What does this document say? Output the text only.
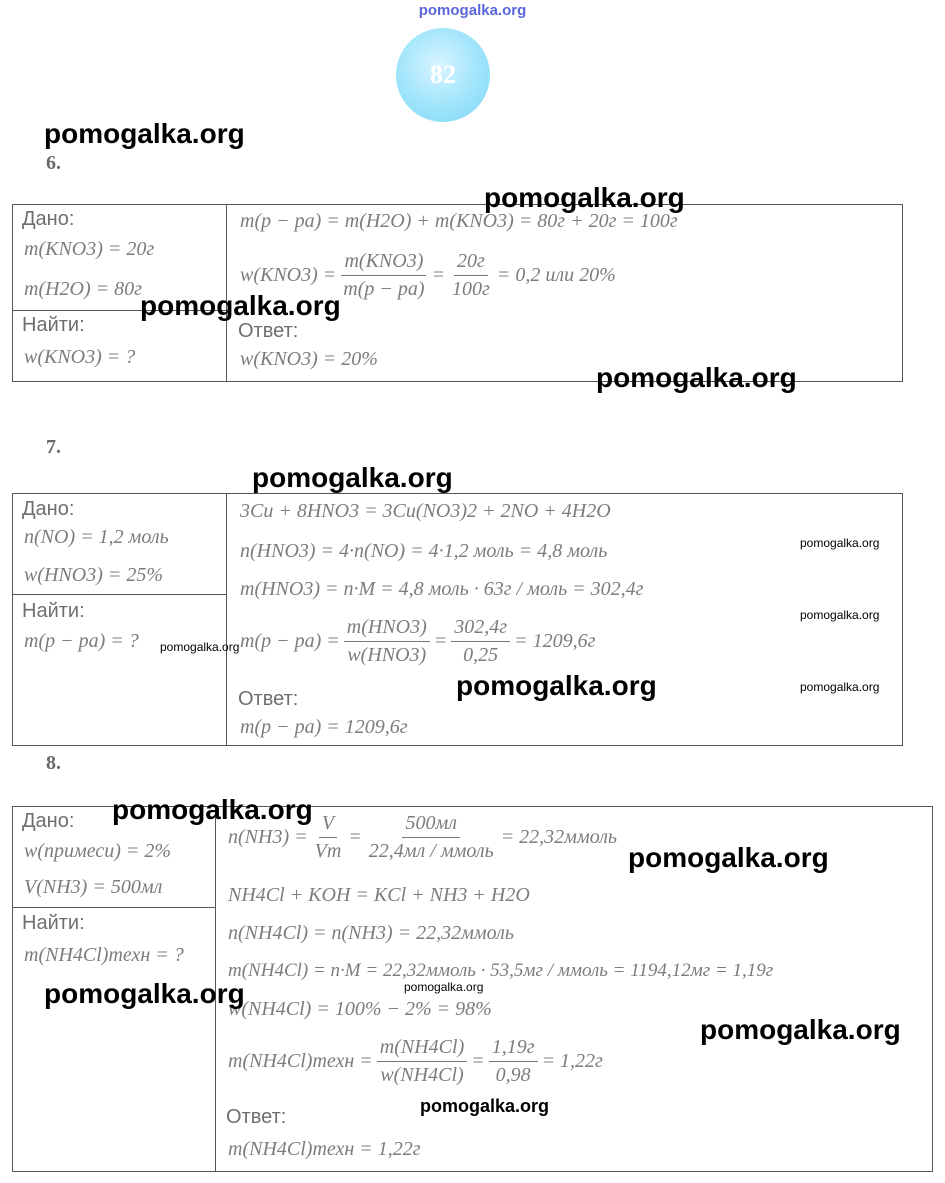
pomogalka.org
82
6.
Дано:
m(KNO3) = 20г
m(H2O) = 80г
Найти:
w(KNO3) = ?
m(p − pa) = m(H2O) + m(KNO3) = 80г + 20г = 100г
$w(KNO3) = \frac{\text{m(KNO3)}}{m(p - pa)} = \frac{20г}{100г} = 0,2$ или 20%
Ответ:
w(KNO3) = 20%
7.
Дано:
n(NO) = 1,2 моль
w(HNO3) = 25%
Найти:
m(p − pa) = ?
3Cu + 8HNO3 = 3Cu(NO3)2 + 2NO + 4H2O
n(HNO3) = 4·n(NO) = 4·1,2 моль = 4,8 моль
m(HNO3) = n·M = 4,8 моль · 63г / моль = 302,4г
$m(p - pa) = \frac{\text{m(HNO3)}}{\text{w(HNO3)}} = \frac{302,4г}{0,25} = 1209,6г$
Ответ:
m(p − pa) = 1209,6г
8.
Дано:
w(примеси) = 2%
V(NH3) = 500мл
Найти:
m(NH4Cl)техн = ?
$n(NH3) = \frac{V}{Vm} = \frac{500мл}{\text{22,4мл / ммоль}}$ = 22,32ммоль
NH4Cl + KOH = KCl + NH3 + H2O
n(NH4Cl) = n(NH3) = 22,32ммоль
m(NH4Cl) = n·M = 22,32ммоль · 53,5мг / ммоль = 1194,12мг = 1,19г
w(NH4Cl) = 100% − 2% = 98%
m(NH4Cl)техн = $\frac{m(NH4Cl)}{w(NH4Cl)} = \frac{1,19г}{0,98} = 1,22г$
Ответ:
m(NH4Cl)техн = 1,22г
pomogalka.org
pomogalka.org
pomogalka.org
pomogalka.org
pomogalka.org
pomogalka.org
pomogalka.org
pomogalka.org
pomogalka.org	pomogalka.org
pomogalka.org
pomogalka.org
pomogalka.org	pomogalka.org
pomogalka.org
pomogalka.org
